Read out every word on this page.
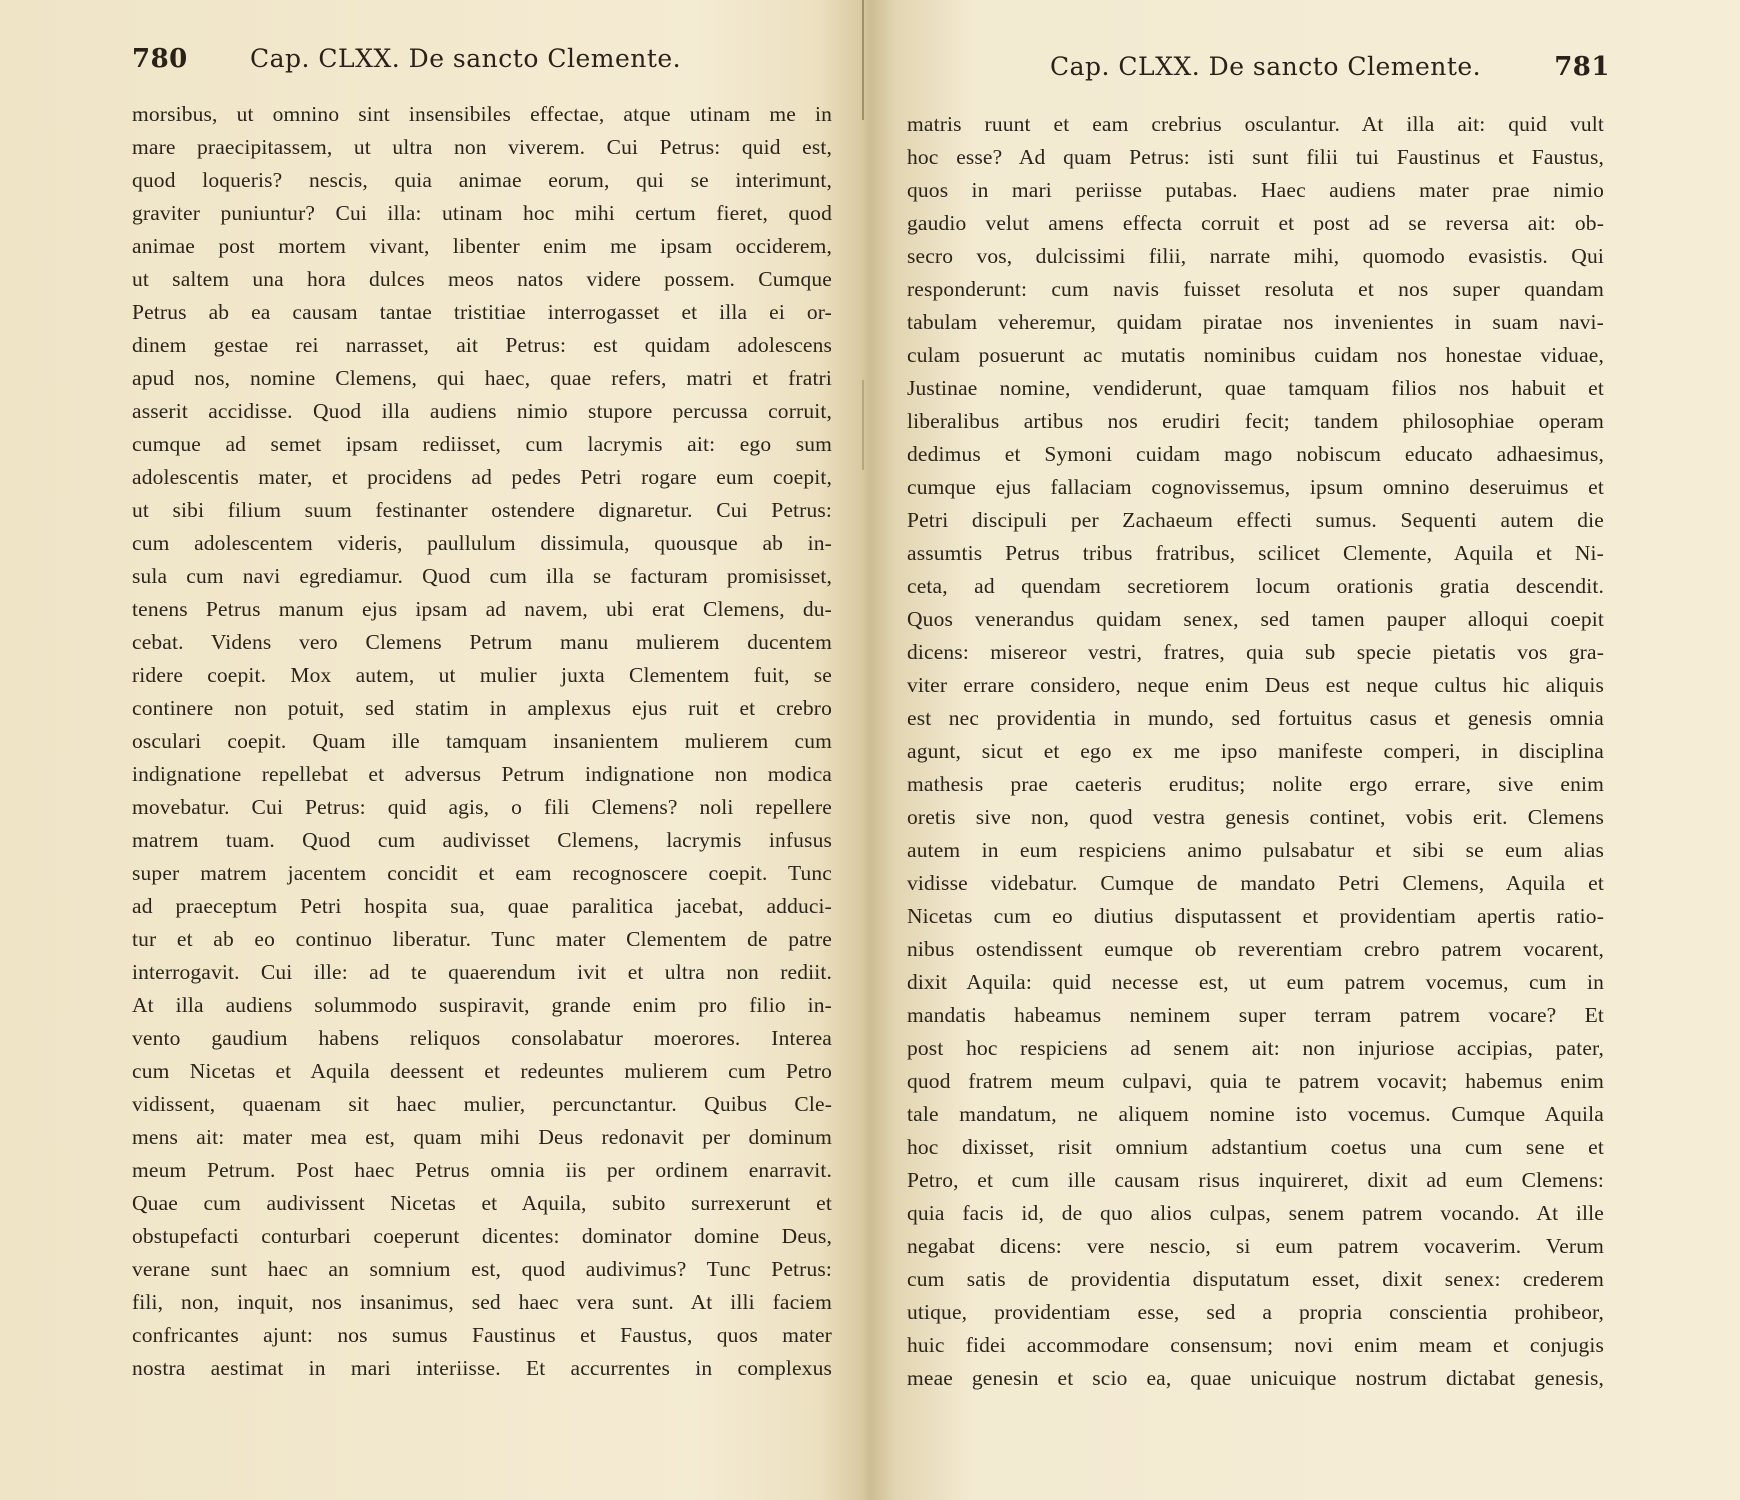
780 Cap. CLXX. De sancto Clemente.
morsibus, ut omnino sint insensibiles effectae, atque utinam me in
mare praecipitassem, ut ultra non viverem. Cui Petrus: quid est,
quod loqueris? nescis, quia animae eorum, qui se interimunt,
graviter puniuntur? Cui illa: utinam hoc mihi certum fieret, quod
animae post mortem vivant, libenter enim me ipsam occiderem,
ut saltem una hora dulces meos natos videre possem. Cumque
Petrus ab ea causam tantae tristitiae interrogasset et illa ei or-
dinem gestae rei narrasset, ait Petrus: est quidam adolescens
apud nos, nomine Clemens, qui haec, quae refers, matri et fratri
asserit accidisse. Quod illa audiens nimio stupore percussa corruit,
cumque ad semet ipsam rediisset, cum lacrymis ait: ego sum
adolescentis mater, et procidens ad pedes Petri rogare eum coepit,
ut sibi filium suum festinanter ostendere dignaretur. Cui Petrus:
cum adolescentem videris, paullulum dissimula, quousque ab in-
sula cum navi egrediamur. Quod cum illa se facturam promisisset,
tenens Petrus manum ejus ipsam ad navem, ubi erat Clemens, du-
cebat. Videns vero Clemens Petrum manu mulierem ducentem
ridere coepit. Mox autem, ut mulier juxta Clementem fuit, se
continere non potuit, sed statim in amplexus ejus ruit et crebro
osculari coepit. Quam ille tamquam insanientem mulierem cum
indignatione repellebat et adversus Petrum indignatione non modica
movebatur. Cui Petrus: quid agis, o fili Clemens? noli repellere
matrem tuam. Quod cum audivisset Clemens, lacrymis infusus
super matrem jacentem concidit et eam recognoscere coepit. Tunc
ad praeceptum Petri hospita sua, quae paralitica jacebat, adduci-
tur et ab eo continuo liberatur. Tunc mater Clementem de patre
interrogavit. Cui ille: ad te quaerendum ivit et ultra non rediit.
At illa audiens solummodo suspiravit, grande enim pro filio in-
vento gaudium habens reliquos consolabatur moerores. Interea
cum Nicetas et Aquila deessent et redeuntes mulierem cum Petro
vidissent, quaenam sit haec mulier, percunctantur. Quibus Cle-
mens ait: mater mea est, quam mihi Deus redonavit per dominum
meum Petrum. Post haec Petrus omnia iis per ordinem enarravit.
Quae cum audivissent Nicetas et Aquila, subito surrexerunt et
obstupefacti conturbari coeperunt dicentes: dominator domine Deus,
verane sunt haec an somnium est, quod audivimus? Tunc Petrus:
fili, non, inquit, nos insanimus, sed haec vera sunt. At illi faciem
confricantes ajunt: nos sumus Faustinus et Faustus, quos mater
nostra aestimat in mari interiisse. Et accurrentes in complexus
Cap. CLXX. De sancto Clemente.	781
matris ruunt et eam crebrius osculantur. At illa ait: quid vult
hoc esse? Ad quam Petrus: isti sunt filii tui Faustinus et Faustus,
quos in mari periisse putabas. Haec audiens mater prae nimio
gaudio velut amens effecta corruit et post ad se reversa ait: ob-
secro vos, dulcissimi filii, narrate mihi, quomodo evasistis. Qui
responderunt: cum navis fuisset resoluta et nos super quandam
tabulam veheremur, quidam piratae nos invenientes in suam navi-
culam posuerunt ac mutatis nominibus cuidam nos honestae viduae,
Justinae nomine, vendiderunt, quae tamquam filios nos habuit et
liberalibus artibus nos erudiri fecit; tandem philosophiae operam
dedimus et Symoni cuidam mago nobiscum educato adhaesimus,
cumque ejus fallaciam cognovissemus, ipsum omnino deseruimus et
Petri discipuli per Zachaeum effecti sumus. Sequenti autem die
assumtis Petrus tribus fratribus, scilicet Clemente, Aquila et Ni-
ceta, ad quendam secretiorem locum orationis gratia descendit.
Quos venerandus quidam senex, sed tamen pauper alloqui coepit
dicens: misereor vestri, fratres, quia sub specie pietatis vos gra-
viter errare considero, neque enim Deus est neque cultus hic aliquis
est nec providentia in mundo, sed fortuitus casus et genesis omnia
agunt, sicut et ego ex me ipso manifeste comperi, in disciplina
mathesis prae caeteris eruditus; nolite ergo errare, sive enim
oretis sive non, quod vestra genesis continet, vobis erit. Clemens
autem in eum respiciens animo pulsabatur et sibi se eum alias
vidisse videbatur. Cumque de mandato Petri Clemens, Aquila et
Nicetas cum eo diutius disputassent et providentiam apertis ratio-
nibus ostendissent eumque ob reverentiam crebro patrem vocarent,
dixit Aquila: quid necesse est, ut eum patrem vocemus, cum in
mandatis habeamus neminem super terram patrem vocare? Et
post hoc respiciens ad senem ait: non injuriose accipias, pater,
quod fratrem meum culpavi, quia te patrem vocavit; habemus enim
tale mandatum, ne aliquem nomine isto vocemus. Cumque Aquila
hoc dixisset, risit omnium adstantium coetus una cum sene et
Petro, et cum ille causam risus inquireret, dixit ad eum Clemens:
quia facis id, de quo alios culpas, senem patrem vocando. At ille
negabat dicens: vere nescio, si eum patrem vocaverim. Verum
cum satis de providentia disputatum esset, dixit senex: crederem
utique, providentiam esse, sed a propria conscientia prohibeor,
huic fidei accommodare consensum; novi enim meam et conjugis
meae genesin et scio ea, quae unicuique nostrum dictabat genesis,
